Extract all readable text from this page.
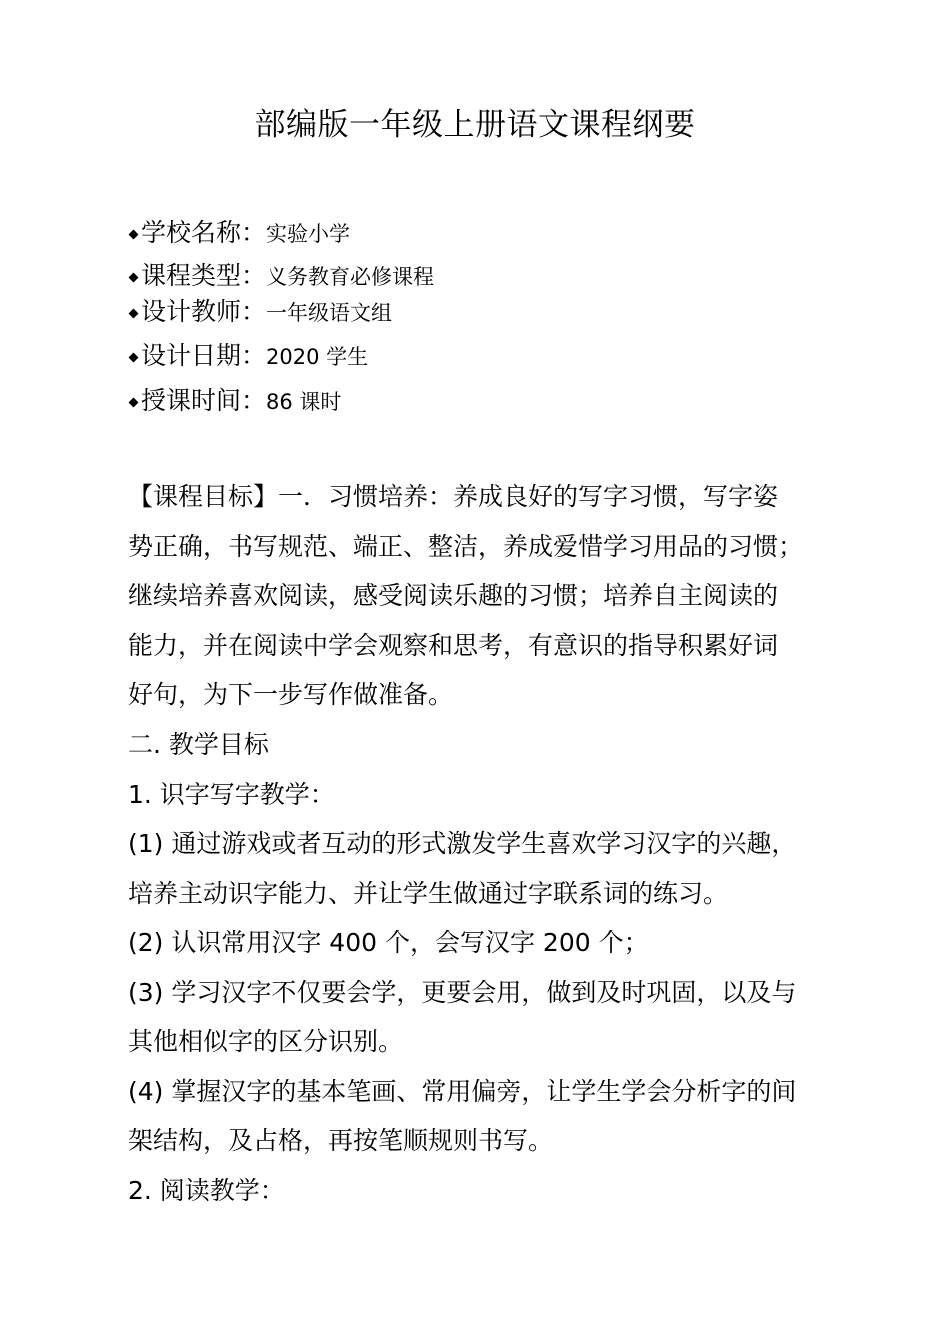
部编版一年级上册语文课程纲要
学校名称：实验小学
课程类型：义务教育必修课程
设计教师：一年级语文组
设计日期：2020 学生
授课时间：86 课时
【课程目标】一．习惯培养：养成良好的写字习惯，写字姿
势正确，书写规范、端正、整洁，养成爱惜学习用品的习惯；
继续培养喜欢阅读，感受阅读乐趣的习惯；培养自主阅读的
能力，并在阅读中学会观察和思考，有意识的指导积累好词
好句，为下一步写作做准备。
二. 教学目标
1. 识字写字教学：
(1) 通过游戏或者互动的形式激发学生喜欢学习汉字的兴趣，
培养主动识字能力、并让学生做通过字联系词的练习。
(2) 认识常用汉字 400 个，会写汉字 200 个；
(3) 学习汉字不仅要会学，更要会用，做到及时巩固，以及与
其他相似字的区分识别。
(4) 掌握汉字的基本笔画、常用偏旁，让学生学会分析字的间
架结构，及占格，再按笔顺规则书写。
2. 阅读教学：
